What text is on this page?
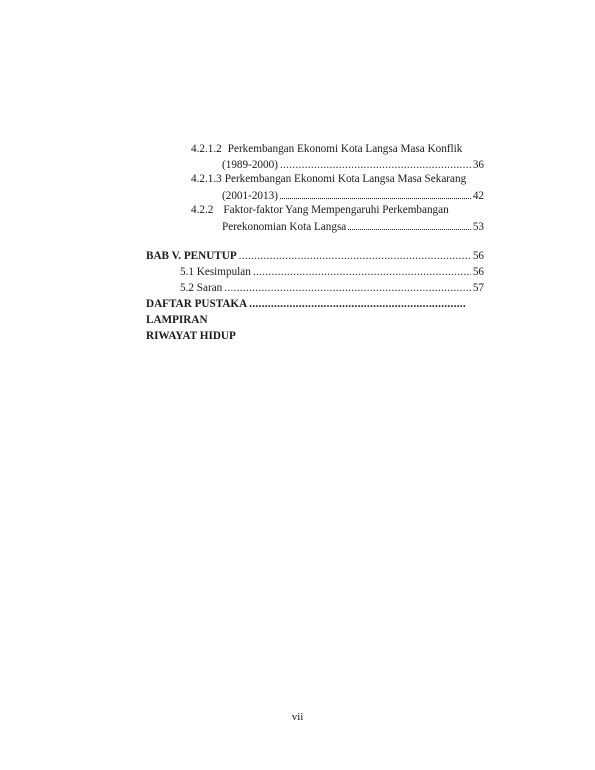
4.2.1.2 Perkembangan Ekonomi Kota Langsa Masa Konflik
(1989-2000) .....	36
4.2.1.3 Perkembangan Ekonomi Kota Langsa Masa Sekarang
(2001-2013)	42
4.2.2 Faktor-faktor Yang Mempengaruhi Perkembangan
Perekonomian Kota Langsa	53
BAB V. PENUTUP .....	56
5.1 Kesimpulan .....	56
5.2 Saran .....	57
DAFTAR PUSTAKA
.....
LAMPIRAN
RIWAYAT HIDUP
vii
